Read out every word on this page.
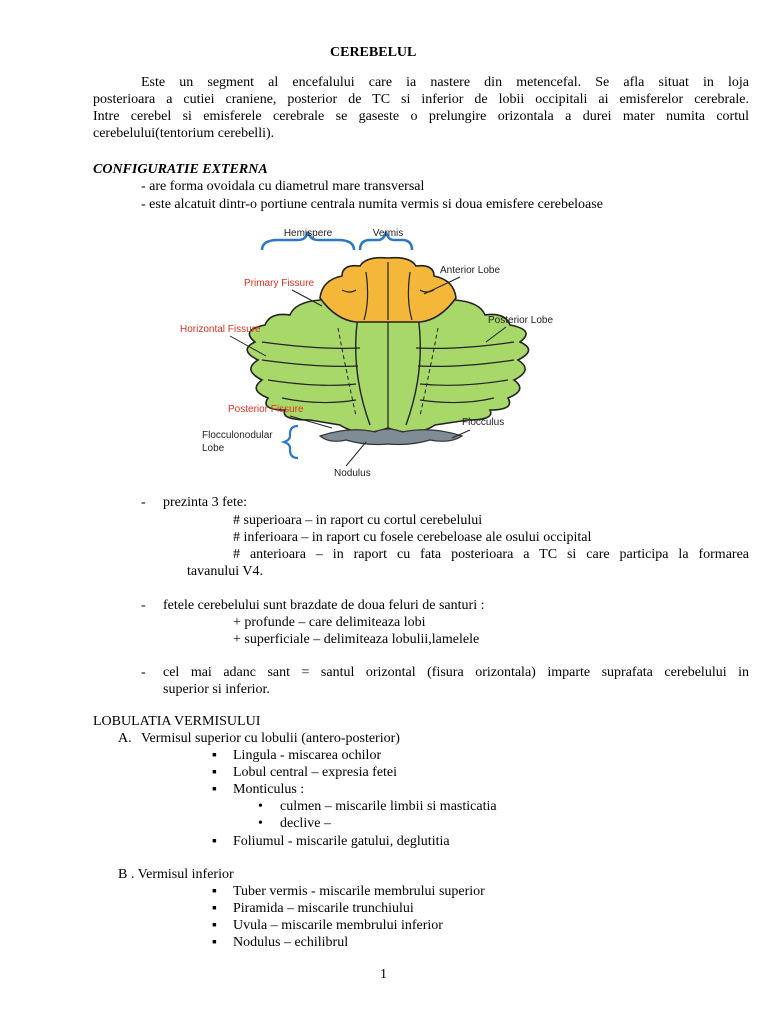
CEREBELUL
Este un segment al encefalului care ia nastere din metencefal. Se afla situat in loja
posterioara a cutiei craniene, posterior de TC si inferior de lobii occipitali ai emisferelor cerebrale.
Intre cerebel si emisferele cerebrale se gaseste o prelungire orizontala a durei mater numita cortul
cerebelului(tentorium cerebelli).
CONFIGURATIE EXTERNA
- are forma ovoidala cu diametrul mare transversal
- este alcatuit dintr-o portiune centrala numita vermis si doua emisfere cerebeloase
Hemispere	Vermis
Anterior Lobe
Primary Fissure
Posterior Lobe
Horizontal Fissure
Posterior Fissure
Flocculus
Flocculonodular
Lobe
Nodulus
- prezinta 3 fete:
# superioara – in raport cu cortul cerebelului
# inferioara – in raport cu fosele cerebeloase ale osului occipital
# anterioara – in raport cu fata posterioara a TC si care participa la formarea
tavanului V4.
- fetele cerebelului sunt brazdate de doua feluri de santuri :
+ profunde – care delimiteaza lobi
+ superficiale – delimiteaza lobulii,lamelele
- cel mai adanc sant = santul orizontal (fisura orizontala) imparte suprafata cerebelului in
superior si inferior.
LOBULATIA VERMISULUI
A. Vermisul superior cu lobulii (antero-posterior)
▪ Lingula - miscarea ochilor
▪ Lobul central – expresia fetei
▪ Monticulus :
• culmen – miscarile limbii si masticatia
• declive –
▪ Foliumul - miscarile gatului, deglutitia
B . Vermisul inferior
▪ Tuber vermis - miscarile membrului superior
▪ Piramida – miscarile trunchiului
▪ Uvula – miscarile membrului inferior
▪ Nodulus – echilibrul
1
